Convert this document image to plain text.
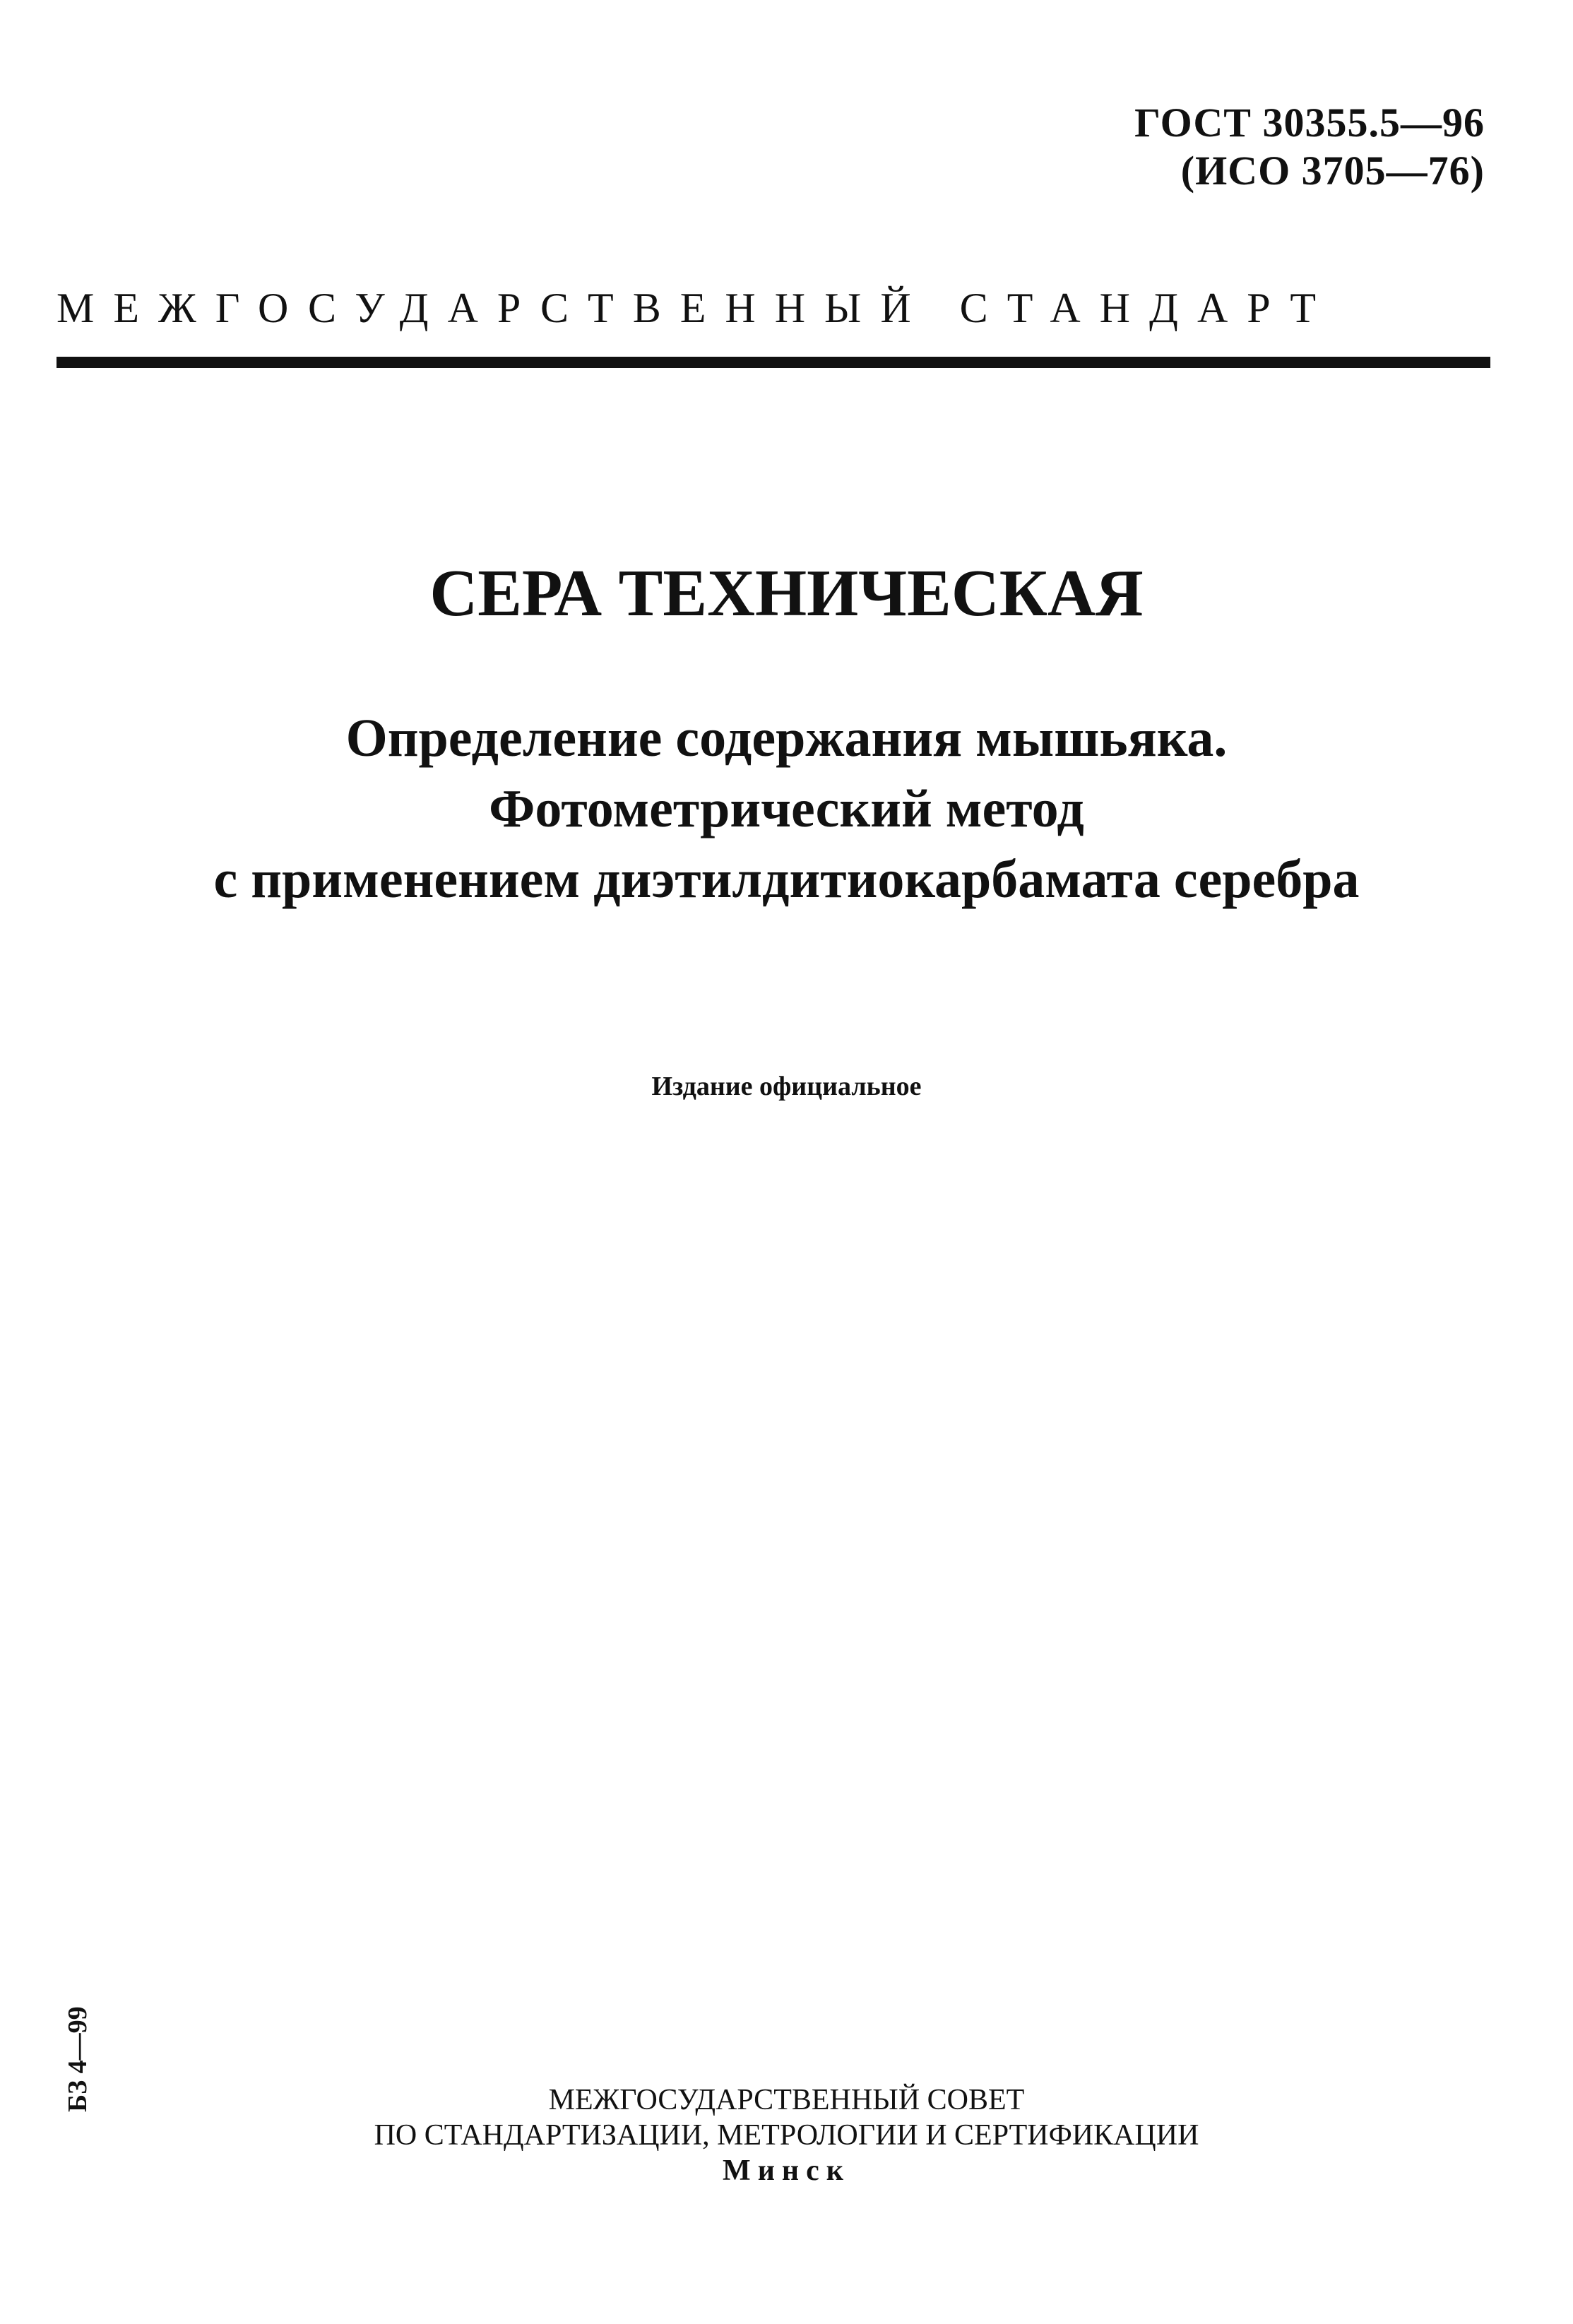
ГОСТ 30355.5—96
(ИСО 3705—76)
МЕЖГОСУДАРСТВЕННЫЙ СТАНДАРТ
СЕРА ТЕХНИЧЕСКАЯ
Определение содержания мышьяка.
Фотометрический метод
с применением диэтилдитиокарбамата серебра
Издание официальное
БЗ 4—99	МЕЖГОСУДАРСТВЕННЫЙ СОВЕТ
ПО СТАНДАРТИЗАЦИИ, МЕТРОЛОГИИ И СЕРТИФИКАЦИИ
Минск
